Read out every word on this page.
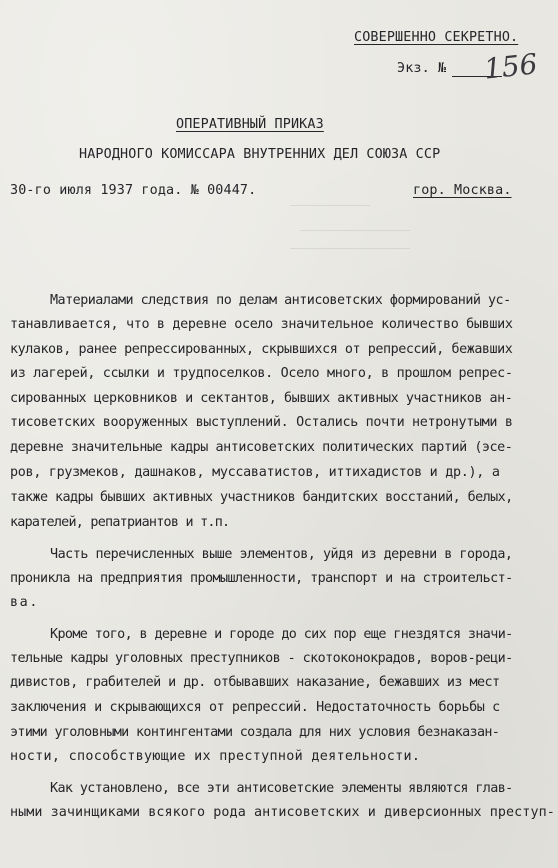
СОВЕРШЕННО СЕКРЕТНО.
Экз. № 156
ОПЕРАТИВНЫЙ ПРИКАЗ
НАРОДНОГО КОМИССАРА ВНУТРЕННИХ ДЕЛ СОЮЗА ССР
30-го июля 1937 года. № 00447.	гор. Москва.
Материалами следствия по делам антисоветских формирований ус-
танавливается, что в деревне осело значительное количество бывших
кулаков, ранее репрессированных, скрывшихся от репрессий, бежавших
из лагерей, ссылки и трудпоселков. Осело много, в прошлом репрес-
сированных церковников и сектантов, бывших активных участников ан-
тисоветских вооруженных выступлений. Остались почти нетронутыми в
деревне значительные кадры антисоветских политических партий (эсе-
ров, грузмеков, дашнаков, муссаватистов, иттихадистов и др.), а
также кадры бывших активных участников бандитских восстаний, белых,
карателей, репатриантов и т.п.
Часть перечисленных выше элементов, уйдя из деревни в города,
проникла на предприятия промышленности, транспорт и на строительст-
ва.
Кроме того, в деревне и городе до сих пор еще гнездятся значи-
тельные кадры уголовных преступников - скотоконокрадов, воров-реци-
дивистов, грабителей и др. отбывавших наказание, бежавших из мест
заключения и скрывающихся от репрессий. Недостаточность борьбы с
этими уголовными контингентами создала для них условия безнаказан-
ности, способствующие их преступной деятельности.
Как установлено, все эти антисоветские элементы являются глав-
ными зачинщиками всякого рода антисоветских и диверсионных преступ-
